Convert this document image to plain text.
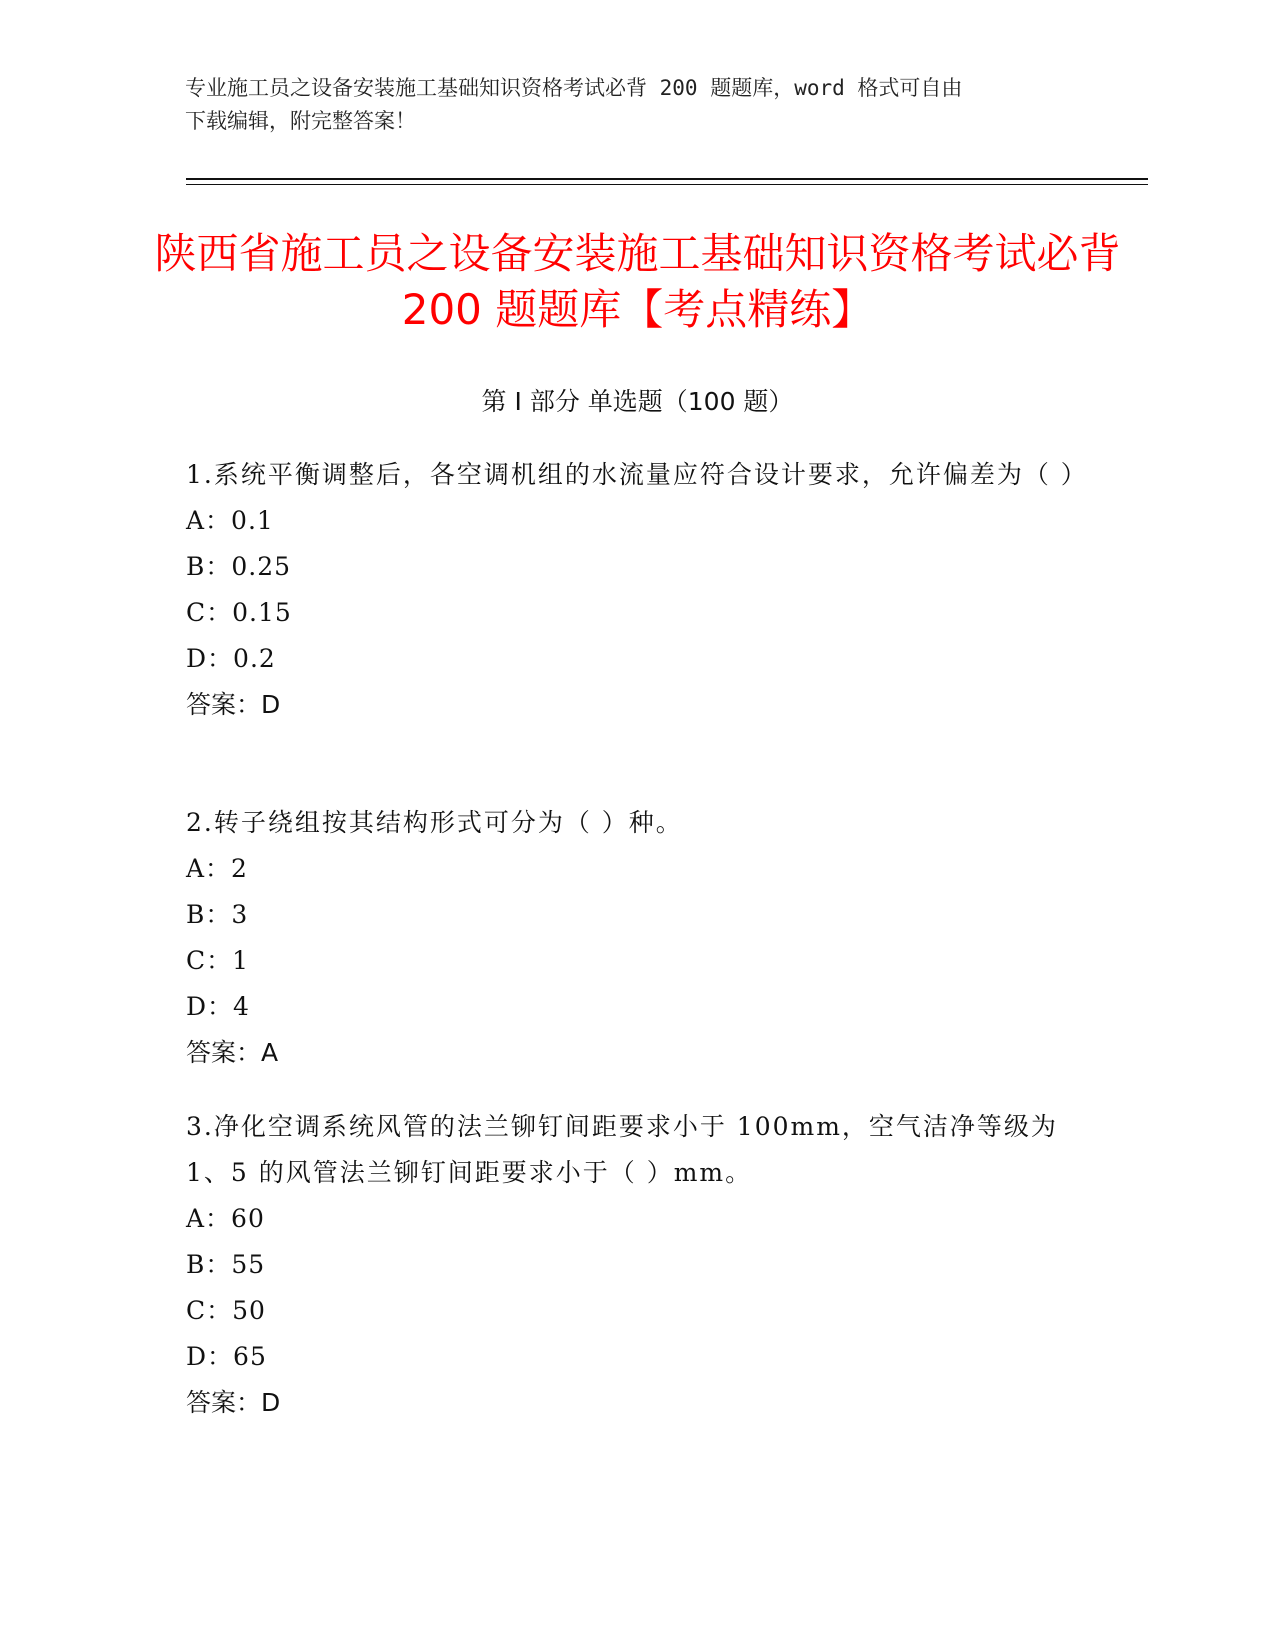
专业施工员之设备安装施工基础知识资格考试必背 200 题题库，word 格式可自由
下载编辑，附完整答案！
陕西省施工员之设备安装施工基础知识资格考试必背 200 题题库【考点精练】
第 I 部分 单选题（100 题）
1.系统平衡调整后，各空调机组的水流量应符合设计要求，允许偏差为（ ）
A：0.1
B：0.25
C：0.15
D：0.2
答案：D
2.转子绕组按其结构形式可分为（ ）种。
A：2
B：3
C：1
D：4
答案：A
3.净化空调系统风管的法兰铆钉间距要求小于 100mm，空气洁净等级为 1、5 的风管法兰铆钉间距要求小于（ ）mm。
A：60
B：55
C：50
D：65
答案：D
